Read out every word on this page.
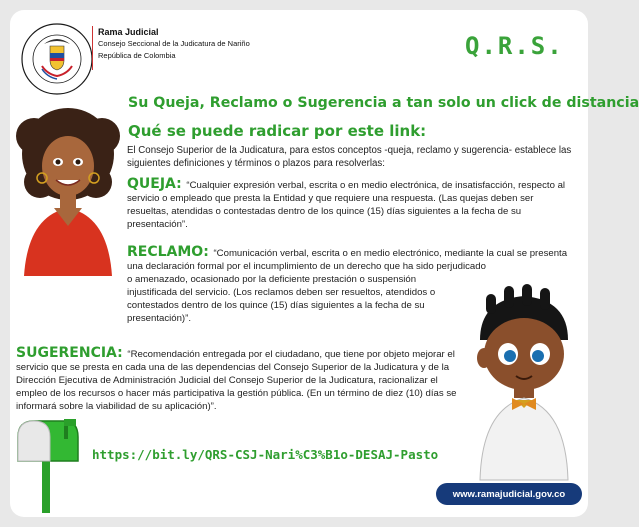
Rama Judicial
Consejo Seccional de la Judicatura de Nariño
República de Colombia	Q.R.S.
Su Queja, Reclamo o Sugerencia a tan solo un click de distancia
Qué se puede radicar por este link:
El Consejo Superior de la Judicatura, para estos conceptos -queja, reclamo y sugerencia- establece las siguientes definiciones y términos o plazos para resolverlas:
QUEJA: “Cualquier expresión verbal, escrita o en medio electrónica, de insatisfacción, respecto al servicio o empleado que presta la Entidad y que requiere una respuesta. (Las quejas deben ser resueltas, atendidas o contestadas dentro de los quince (15) días siguientes a la fecha de su presentación”.
RECLAMO: “Comunicación verbal, escrita o en medio electrónico, mediante la cual se presenta una declaración formal por el incumplimiento de un derecho que ha sido perjudicado
o amenazado, ocasionado por la deficiente prestación o suspensión injustificada del servicio. (Los reclamos deben ser resueltos, atendidos o contestados dentro de los quince (15) días siguientes a la fecha de su presentación)”.
SUGERENCIA: “Recomendación entregada por el ciudadano, que tiene por objeto mejorar el servicio que se presta en cada una de las dependencias del Consejo Superior de la Judicatura y de la Dirección Ejecutiva de Administración Judicial del Consejo Superior de la Judicatura, racionalizar el empleo de los recursos o hacer más participativa la gestión pública. (En un término de diez (10) días se informará sobre la viabilidad de su aplicación)”.
https://bit.ly/QRS-CSJ-Nari%C3%B1o-DESAJ-Pasto
www.ramajudicial.gov.co
